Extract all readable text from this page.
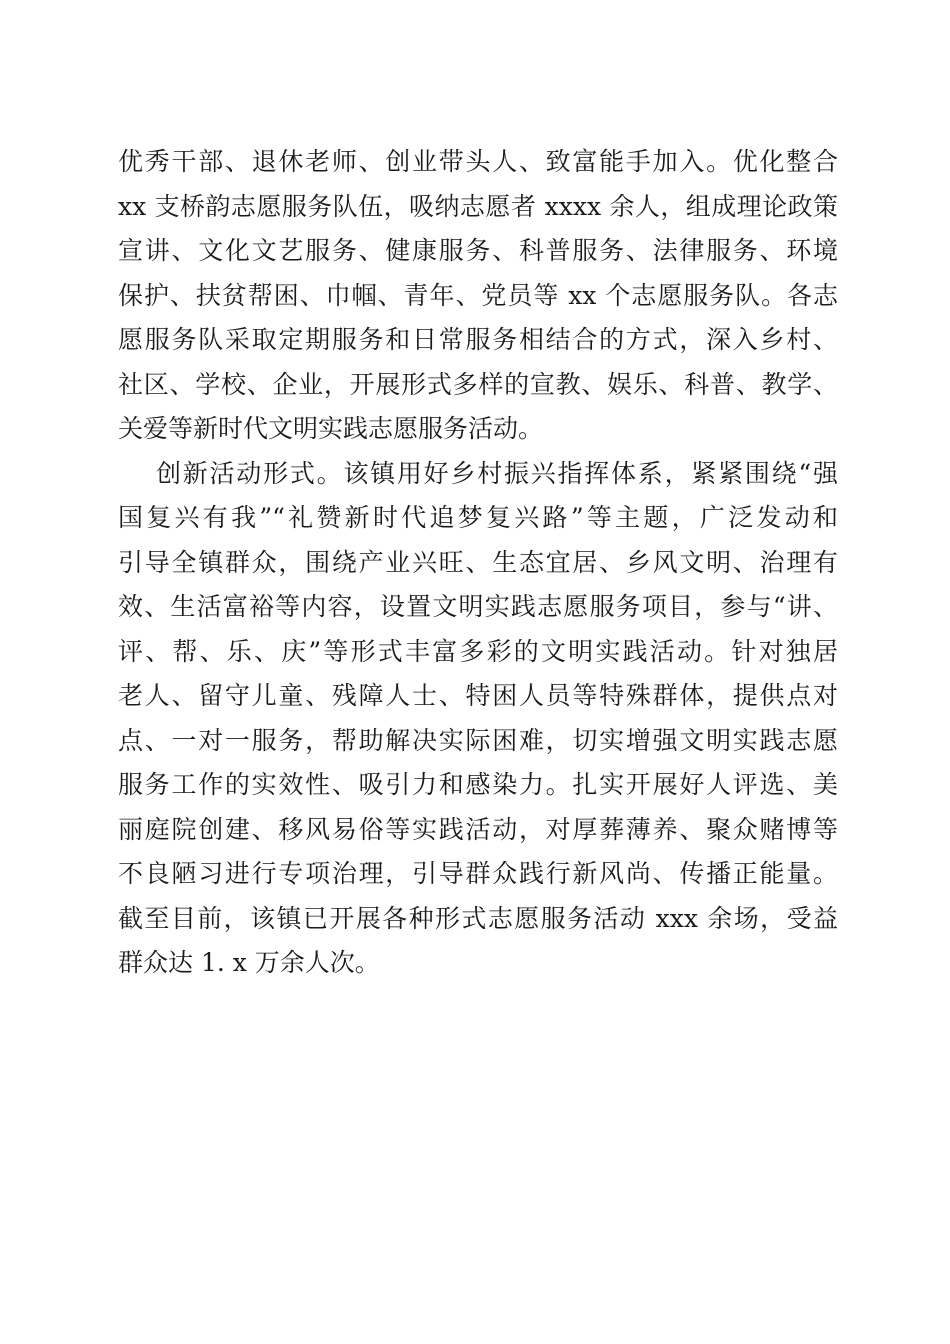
优秀干部、退休老师、创业带头人、致富能手加入。优化整合
xx 支桥韵志愿服务队伍，吸纳志愿者 xxxx 余人，组成理论政策
宣讲、文化文艺服务、健康服务、科普服务、法律服务、环境
保护、扶贫帮困、巾帼、青年、党员等 xx 个志愿服务队。各志
愿服务队采取定期服务和日常服务相结合的方式，深入乡村、
社区、学校、企业，开展形式多样的宣教、娱乐、科普、教学、
关爱等新时代文明实践志愿服务活动。
创新活动形式。该镇用好乡村振兴指挥体系，紧紧围绕“强
国复兴有我”“礼赞新时代追梦复兴路”等主题，广泛发动和
引导全镇群众，围绕产业兴旺、生态宜居、乡风文明、治理有
效、生活富裕等内容，设置文明实践志愿服务项目，参与“讲、
评、帮、乐、庆”等形式丰富多彩的文明实践活动。针对独居
老人、留守儿童、残障人士、特困人员等特殊群体，提供点对
点、一对一服务，帮助解决实际困难，切实增强文明实践志愿
服务工作的实效性、吸引力和感染力。扎实开展好人评选、美
丽庭院创建、移风易俗等实践活动，对厚葬薄养、聚众赌博等
不良陋习进行专项治理，引导群众践行新风尚、传播正能量。
截至目前，该镇已开展各种形式志愿服务活动 xxx 余场，受益
群众达 1. x 万余人次。
